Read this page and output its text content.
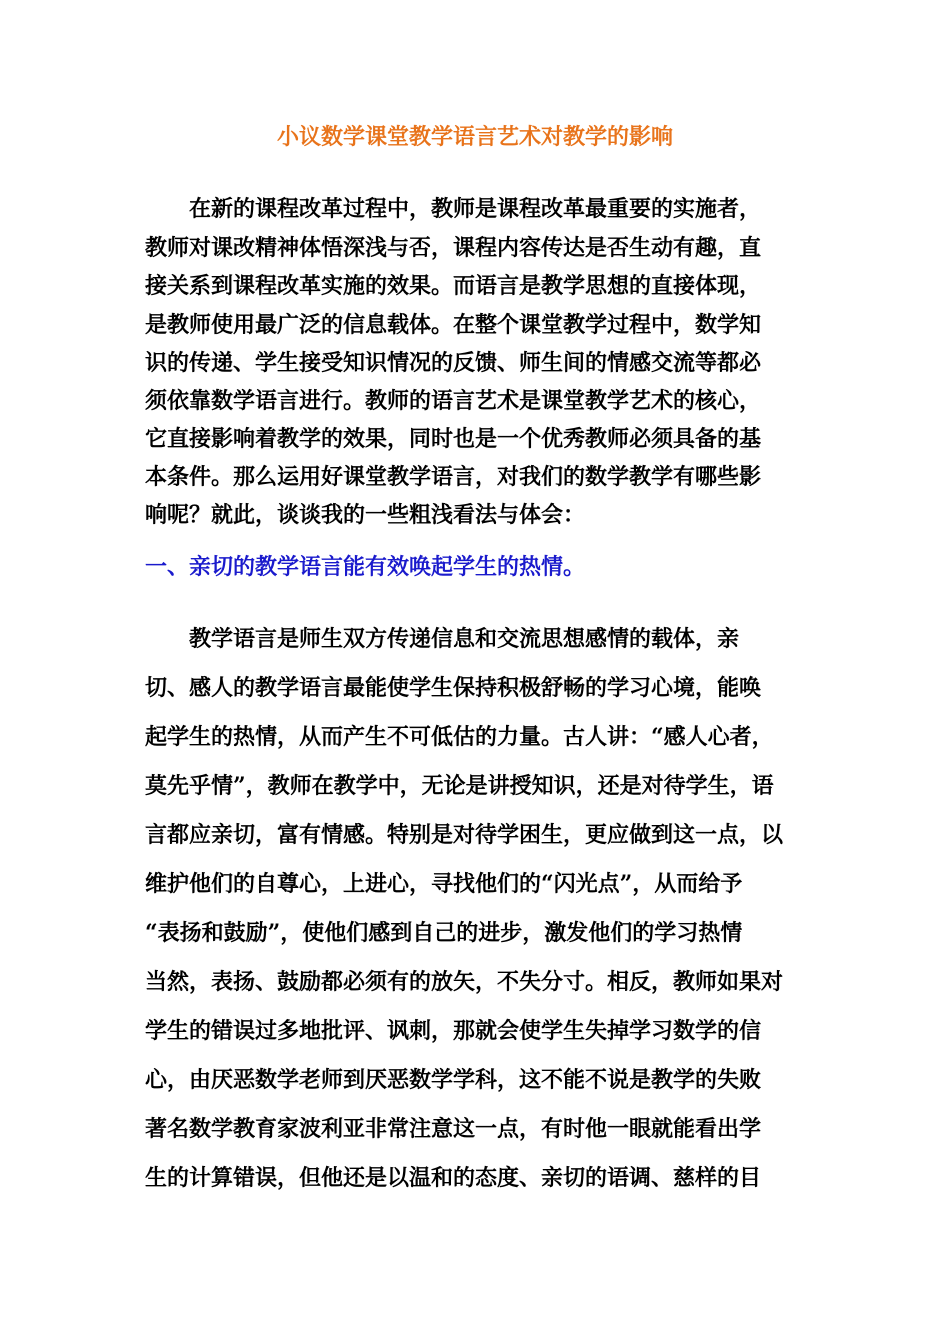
小议数学课堂教学语言艺术对教学的影响

　　在新的课程改革过程中，教师是课程改革最重要的实施者，

教师对课改精神体悟深浅与否，课程内容传达是否生动有趣，直

接关系到课程改革实施的效果。而语言是教学思想的直接体现，

是教师使用最广泛的信息载体。在整个课堂教学过程中，数学知

识的传递、学生接受知识情况的反馈、师生间的情感交流等都必

须依靠数学语言进行。教师的语言艺术是课堂教学艺术的核心，

它直接影响着教学的效果，同时也是一个优秀教师必须具备的基

本条件。那么运用好课堂教学语言，对我们的数学教学有哪些影

响呢？就此，谈谈我的一些粗浅看法与体会：

一、亲切的教学语言能有效唤起学生的热情。

　　教学语言是师生双方传递信息和交流思想感情的载体，亲

切、感人的教学语言最能使学生保持积极舒畅的学习心境，能唤

起学生的热情，从而产生不可低估的力量。古人讲：“感人心者，

莫先乎情”，教师在教学中，无论是讲授知识，还是对待学生，语

言都应亲切，富有情感。特别是对待学困生，更应做到这一点，以

维护他们的自尊心，上进心，寻找他们的“闪光点”，从而给予

“表扬和鼓励”，使他们感到自己的进步，激发他们的学习热情

当然，表扬、鼓励都必须有的放矢，不失分寸。相反，教师如果对

学生的错误过多地批评、讽刺，那就会使学生失掉学习数学的信

心，由厌恶数学老师到厌恶数学学科，这不能不说是教学的失败

著名数学教育家波利亚非常注意这一点，有时他一眼就能看出学

生的计算错误，但他还是以温和的态度、亲切的语调、慈样的目
